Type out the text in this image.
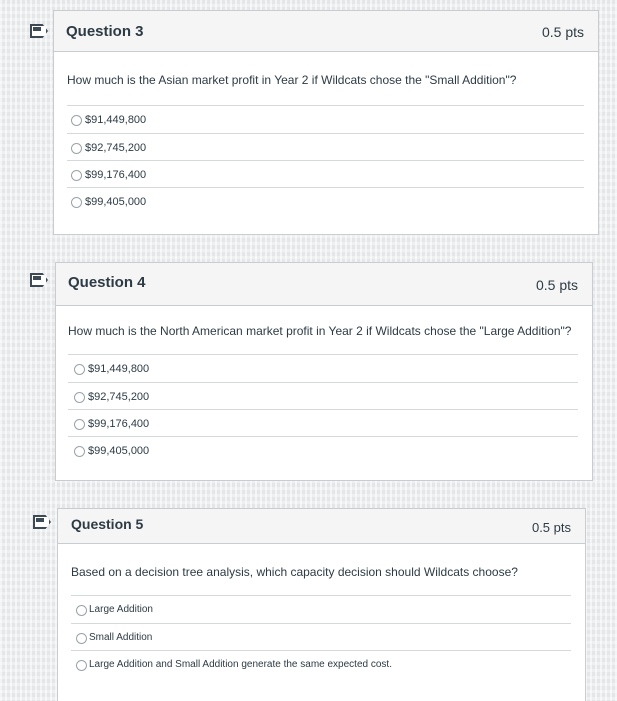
Question 3	0.5 pts
How much is the Asian market profit in Year 2 if Wildcats chose the "Small Addition"?
$91,449,800
$92,745,200
$99,176,400
$99,405,000
Question 4	0.5 pts
How much is the North American market profit in Year 2 if Wildcats chose the "Large Addition"?
$91,449,800
$92,745,200
$99,176,400
$99,405,000
Question 5	0.5 pts
Based on a decision tree analysis, which capacity decision should Wildcats choose?
Large Addition
Small Addition
Large Addition and Small Addition generate the same expected cost.
